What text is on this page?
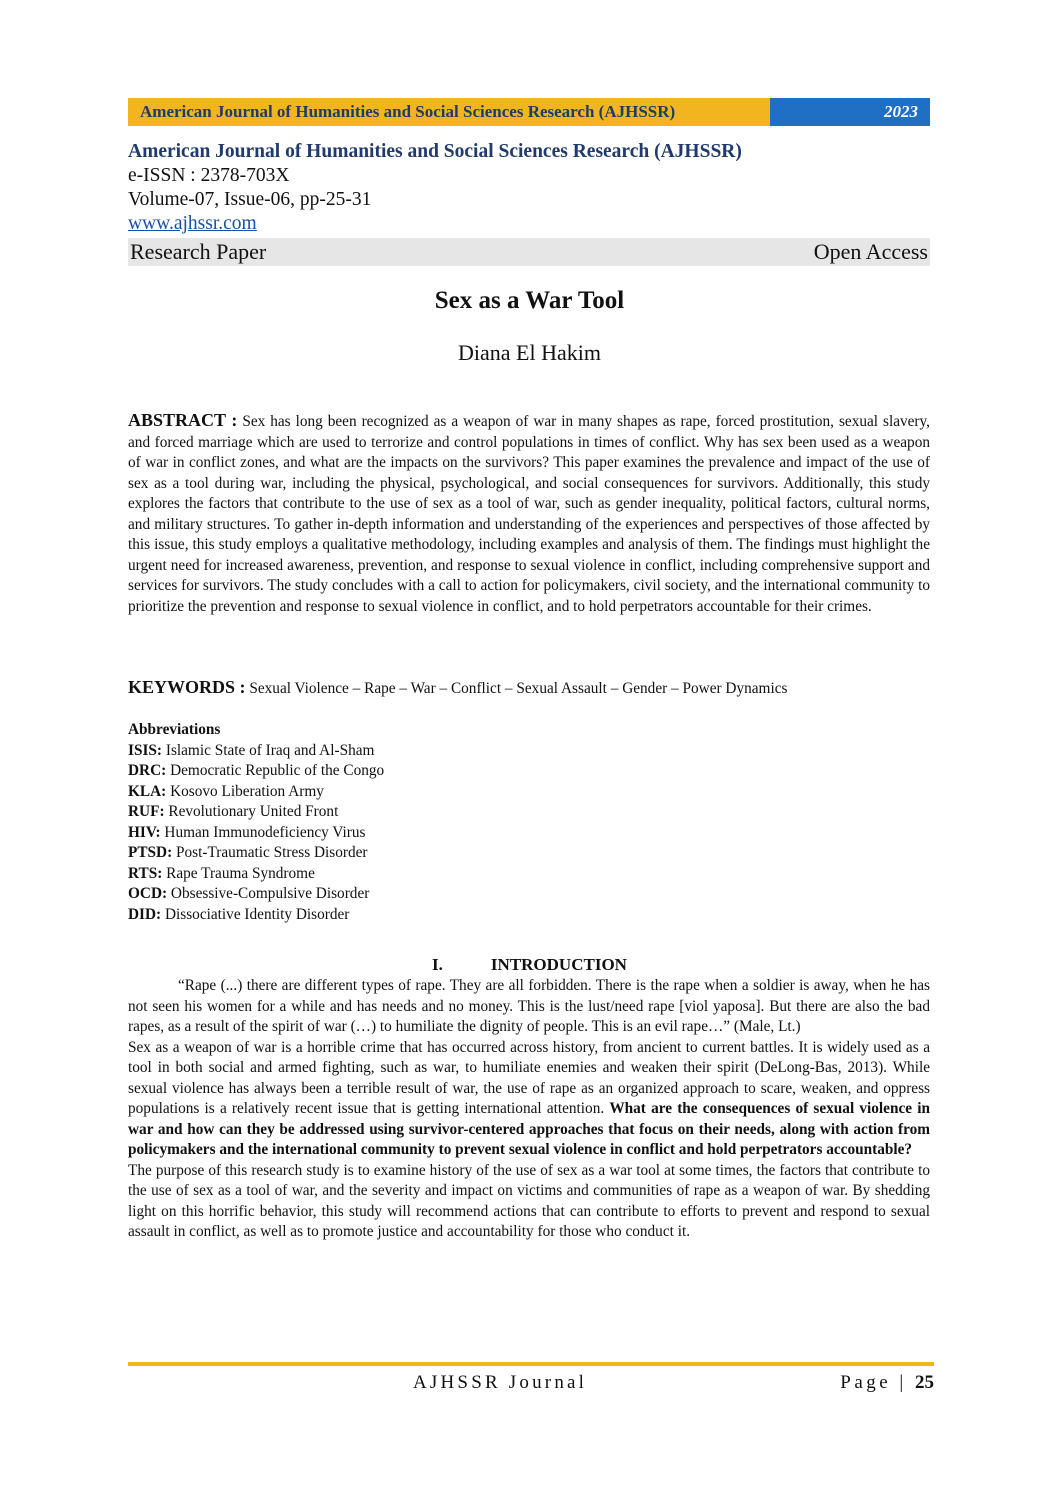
American Journal of Humanities and Social Sciences Research (AJHSSR)	2023
American Journal of Humanities and Social Sciences Research (AJHSSR)
e-ISSN : 2378-703X
Volume-07, Issue-06, pp-25-31
www.ajhssr.com
Research Paper	Open Access
Sex as a War Tool
Diana El Hakim
ABSTRACT : Sex has long been recognized as a weapon of war in many shapes as rape, forced prostitution, sexual slavery, and forced marriage which are used to terrorize and control populations in times of conflict. Why has sex been used as a weapon of war in conflict zones, and what are the impacts on the survivors? This paper examines the prevalence and impact of the use of sex as a tool during war, including the physical, psychological, and social consequences for survivors. Additionally, this study explores the factors that contribute to the use of sex as a tool of war, such as gender inequality, political factors, cultural norms, and military structures. To gather in-depth information and understanding of the experiences and perspectives of those affected by this issue, this study employs a qualitative methodology, including examples and analysis of them. The findings must highlight the urgent need for increased awareness, prevention, and response to sexual violence in conflict, including comprehensive support and services for survivors. The study concludes with a call to action for policymakers, civil society, and the international community to prioritize the prevention and response to sexual violence in conflict, and to hold perpetrators accountable for their crimes.
KEYWORDS : Sexual Violence – Rape – War – Conflict – Sexual Assault – Gender – Power Dynamics
Abbreviations
ISIS: Islamic State of Iraq and Al-Sham
DRC: Democratic Republic of the Congo
KLA: Kosovo Liberation Army
RUF: Revolutionary United Front
HIV: Human Immunodeficiency Virus
PTSD: Post-Traumatic Stress Disorder
RTS: Rape Trauma Syndrome
OCD: Obsessive-Compulsive Disorder
DID: Dissociative Identity Disorder
I.	INTRODUCTION

“Rape (...) there are different types of rape. They are all forbidden. There is the rape when a soldier is away, when he has not seen his women for a while and has needs and no money. This is the lust/need rape [viol yaposa]. But there are also the bad rapes, as a result of the spirit of war (…) to humiliate the dignity of people. This is an evil rape…” (Male, Lt.)

Sex as a weapon of war is a horrible crime that has occurred across history, from ancient to current battles. It is widely used as a tool in both social and armed fighting, such as war, to humiliate enemies and weaken their spirit (DeLong-Bas, 2013). While sexual violence has always been a terrible result of war, the use of rape as an organized approach to scare, weaken, and oppress populations is a relatively recent issue that is getting international attention. What are the consequences of sexual violence in war and how can they be addressed using survivor-centered approaches that focus on their needs, along with action from policymakers and the international community to prevent sexual violence in conflict and hold perpetrators accountable?

The purpose of this research study is to examine history of the use of sex as a war tool at some times, the factors that contribute to the use of sex as a tool of war, and the severity and impact on victims and communities of rape as a weapon of war. By shedding light on this horrific behavior, this study will recommend actions that can contribute to efforts to prevent and respond to sexual assault in conflict, as well as to promote justice and accountability for those who conduct it.

AJHSSR Journal	Page | 25
